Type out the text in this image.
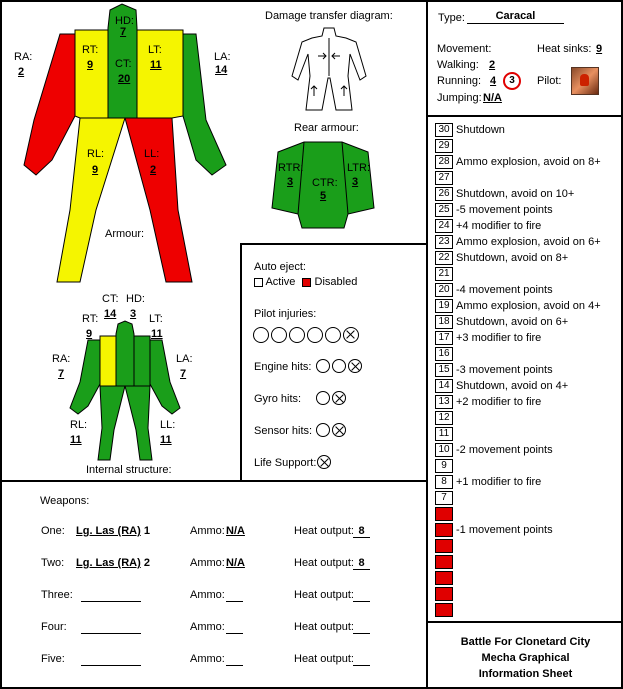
HD:
7
RA:
2
RT:
9 CT:
20
LT:
11
LA:
14
RL:
9
LL:
2
Armour:
Damage transfer diagram:
Rear armour:
RTR:
3 CTR:
5
LTR:
3
CT:
14
HD:
3
RT:
9
LT:
11
RA:
7
LA:
7
RL:
11
LL:
11
Internal structure:
Auto eject:
Active Disabled
Pilot injuries:
Engine hits:
Gyro hits:
Sensor hits:
Life Support:
Type:	Caracal
Movement:	Heat sinks: 9
Walking: 2
Running: 4	3	Pilot:
Jumping: N/A
30 Shutdown
29
28 Ammo explosion, avoid on 8+
27
26 Shutdown, avoid on 10+
25 -5 movement points
24 +4 modifier to fire
23 Ammo explosion, avoid on 6+
22 Shutdown, avoid on 8+
21
20 -4 movement points
19 Ammo explosion, avoid on 4+
18 Shutdown, avoid on 6+
17 +3 modifier to fire
16
15 -3 movement points
14 Shutdown, avoid on 4+
13 +2 modifier to fire
12
11
10 -2 movement points
9
8 +1 modifier to fire
7
6
5 -1 movement points
4
3
2
1
0
Weapons:
One: Lg. Las (RA) 1	Ammo: N/A	Heat output: 8
Two: Lg. Las (RA) 2	Ammo: N/A	Heat output: 8
Three:	Ammo:	Heat output:
Four:	Ammo:	Heat output:
Five:	Ammo:	Heat output:
Battle For Clonetard City
Mecha Graphical
Information Sheet
